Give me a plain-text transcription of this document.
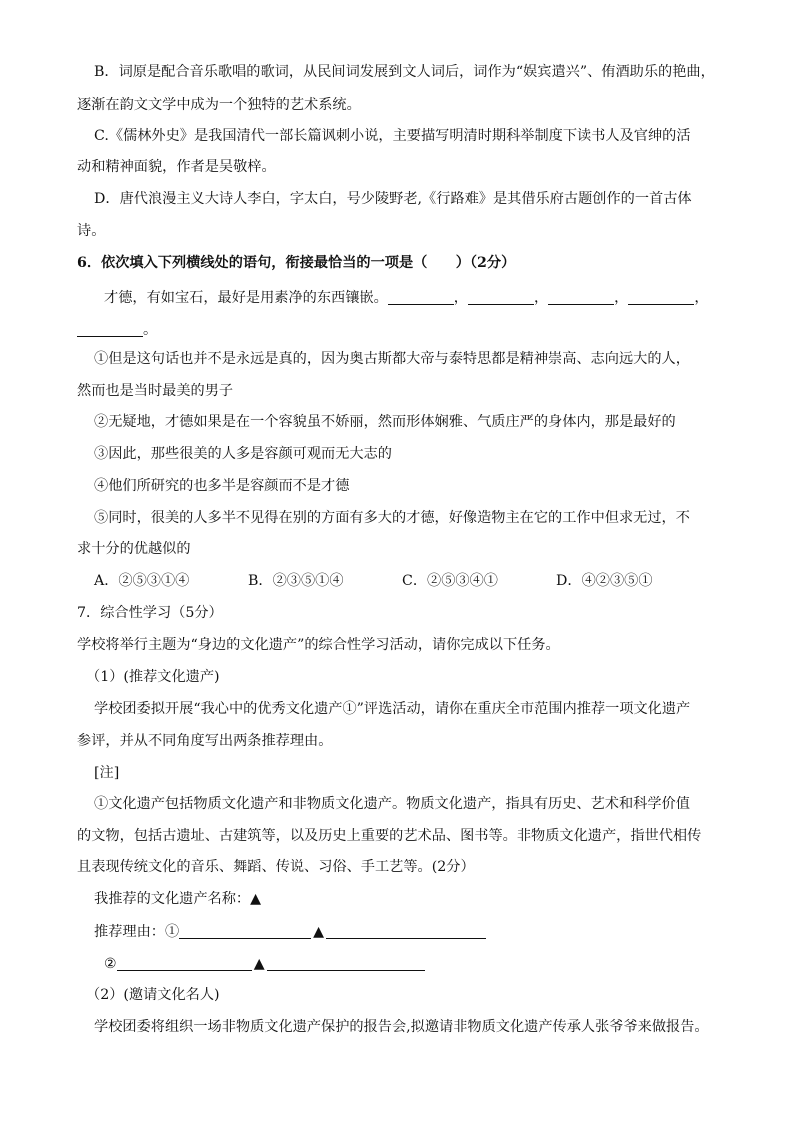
B．词原是配合音乐歌唱的歌词，从民间词发展到文人词后，词作为“娱宾遣兴”、侑酒助乐的艳曲，
逐渐在韵文文学中成为一个独特的艺术系统。
C.《儒林外史》是我国清代一部长篇讽刺小说，主要描写明清时期科举制度下读书人及官绅的活
动和精神面貌，作者是吴敬梓。
D．唐代浪漫主义大诗人李白，字太白，号少陵野老,《行路难》是其借乐府古题创作的一首古体
诗。
6．依次填入下列横线处的语句，衔接最恰当的一项是（　　）（2分）
才德，有如宝石，最好是用素净的东西镶嵌。	，	，	，	，
。
①但是这句话也并不是永远是真的，因为奥古斯都大帝与泰特思都是精神崇高、志向远大的人，
然而也是当时最美的男子
②无疑地，才德如果是在一个容貌虽不娇丽，然而形体娴雅、气质庄严的身体内，那是最好的
③因此，那些很美的人多是容颜可观而无大志的
④他们所研究的也多半是容颜而不是才德
⑤同时，很美的人多半不见得在别的方面有多大的才德，好像造物主在它的工作中但求无过，不
求十分的优越似的
A．②⑤③①④	B．②③⑤①④	C．②⑤③④①	D．④②③⑤①
7．综合性学习（5分）
学校将举行主题为“身边的文化遗产”的综合性学习活动，请你完成以下任务。
（1）(推荐文化遗产)
学校团委拟开展“我心中的优秀文化遗产①”评选活动，请你在重庆全市范围内推荐一项文化遗产
参评，并从不同角度写出两条推荐理由。
[注]
①文化遗产包括物质文化遗产和非物质文化遗产。物质文化遗产，指具有历史、艺术和科学价值
的文物，包括古遗址、古建筑等，以及历史上重要的艺术品、图书等。非物质文化遗产，指世代相传
且表现传统文化的音乐、舞蹈、传说、习俗、手工艺等。(2分）
我推荐的文化遗产名称：▲
推荐理由：①	▲
②	▲
（2）(邀请文化名人)
学校团委将组织一场非物质文化遗产保护的报告会,拟邀请非物质文化遗产传承人张爷爷来做报告。
